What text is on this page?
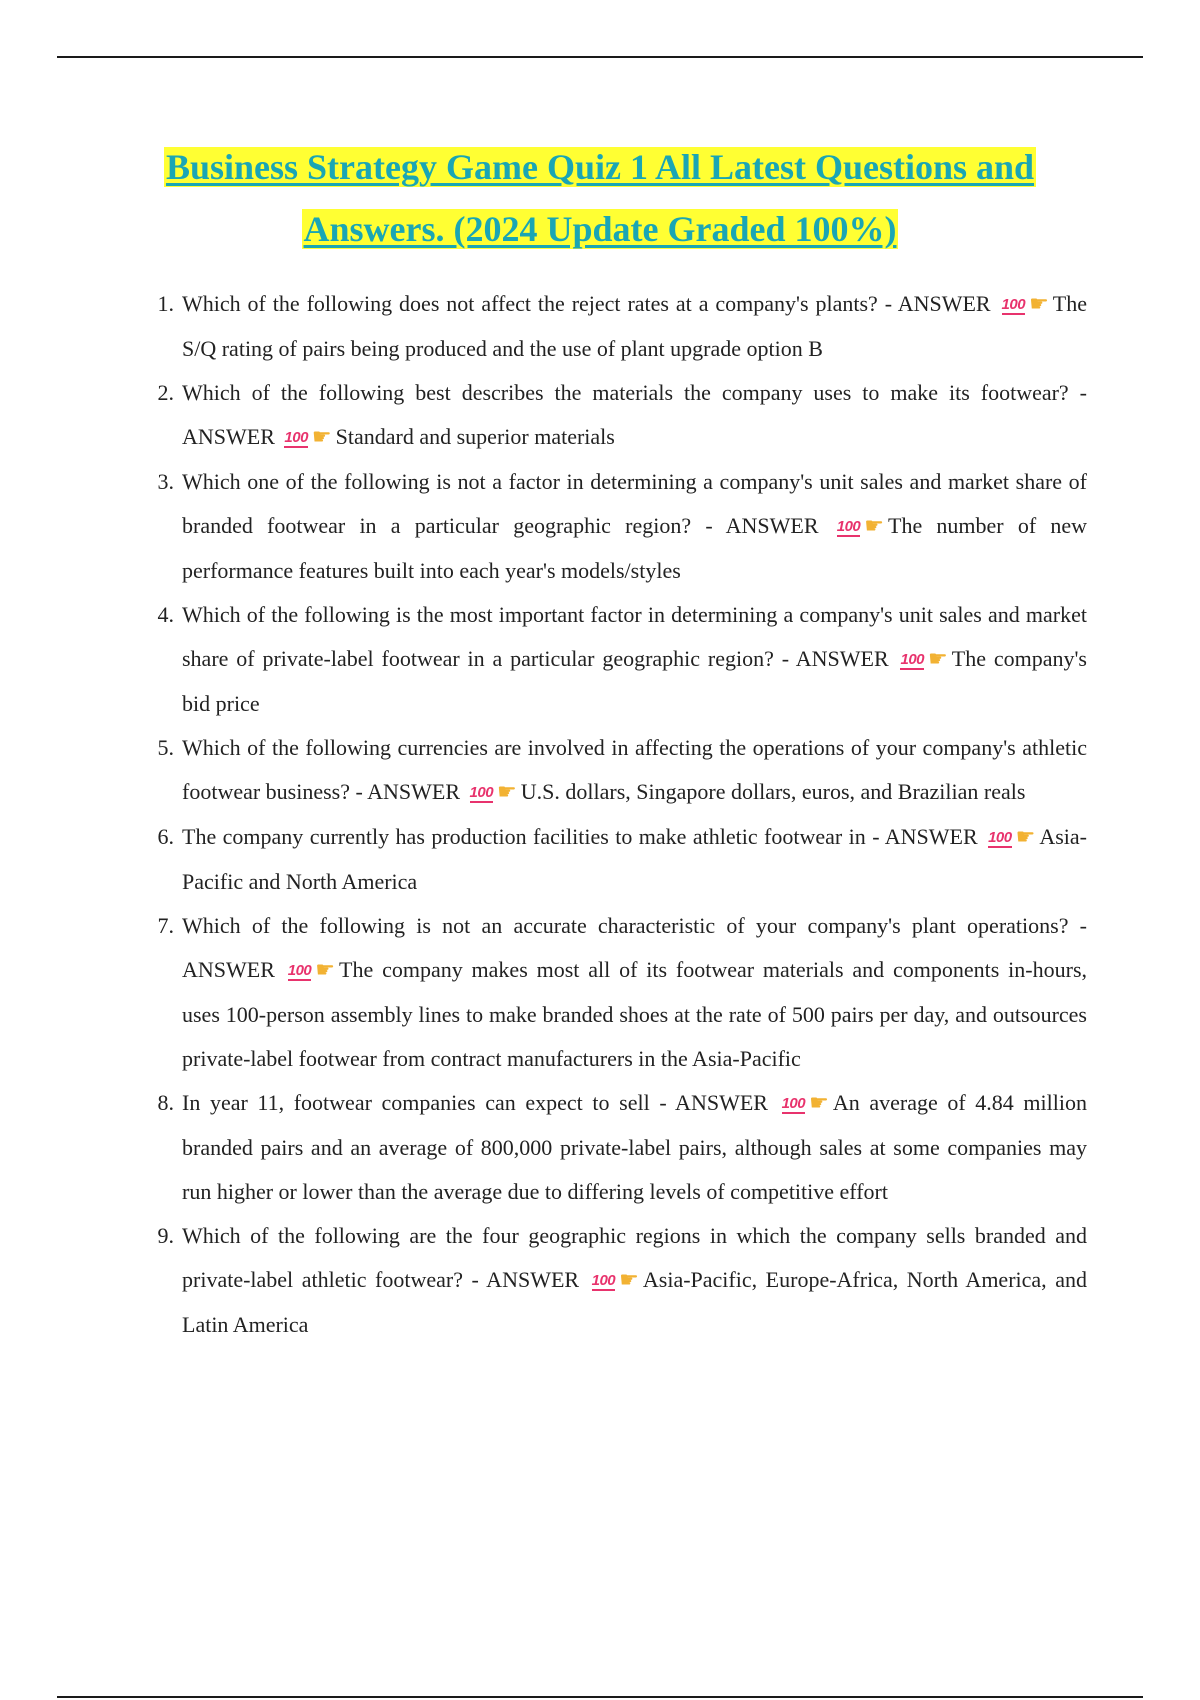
Business Strategy Game Quiz 1 All Latest Questions and
Answers. (2024 Update Graded 100%)
1. Which of the following does not affect the reject rates at a company's plants? - ANSWER 100 ☛ The S/Q rating of pairs being produced and the use of plant upgrade option B
2. Which of the following best describes the materials the company uses to make its footwear? - ANSWER 100 ☛ Standard and superior materials
3. Which one of the following is not a factor in determining a company's unit sales and market share of branded footwear in a particular geographic region? - ANSWER 100 ☛ The number of new performance features built into each year's models/styles
4. Which of the following is the most important factor in determining a company's unit sales and market share of private-label footwear in a particular geographic region? - ANSWER 100 ☛ The company's bid price
5. Which of the following currencies are involved in affecting the operations of your company's athletic footwear business? - ANSWER 100 ☛ U.S. dollars, Singapore dollars, euros, and Brazilian reals
6. The company currently has production facilities to make athletic footwear in - ANSWER 100 ☛ Asia-Pacific and North America
7. Which of the following is not an accurate characteristic of your company's plant operations? - ANSWER 100 ☛ The company makes most all of its footwear materials and components in-hours, uses 100-person assembly lines to make branded shoes at the rate of 500 pairs per day, and outsources private-label footwear from contract manufacturers in the Asia-Pacific
8. In year 11, footwear companies can expect to sell - ANSWER 100 ☛ An average of 4.84 million branded pairs and an average of 800,000 private-label pairs, although sales at some companies may run higher or lower than the average due to differing levels of competitive effort
9. Which of the following are the four geographic regions in which the company sells branded and private-label athletic footwear? - ANSWER 100 ☛ Asia-Pacific, Europe-Africa, North America, and Latin America
